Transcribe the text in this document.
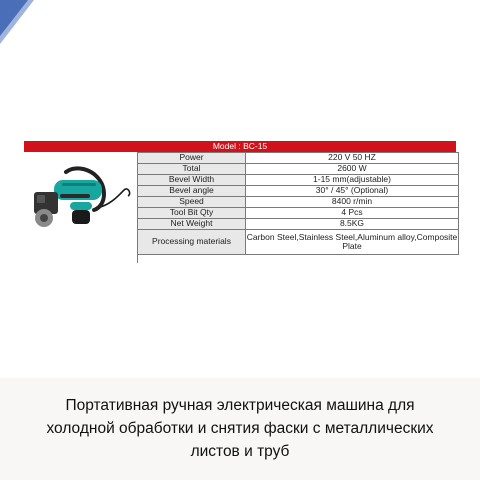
Model : BC-15
Power	220 V 50 HZ
Total	2600 W
Bevel Width	1-15 mm(adjustable)
Bevel angle	30° / 45° (Optional)
Speed	8400 r/min
Tool Bit Qty	4 Pcs
Net Weight	8.5KG
Processing materials	Carbon Steel,Stainless Steel,Aluminum alloy,Composite Plate
Портативная ручная электрическая машина для холодной обработки и снятия фаски с металлических листов и труб
